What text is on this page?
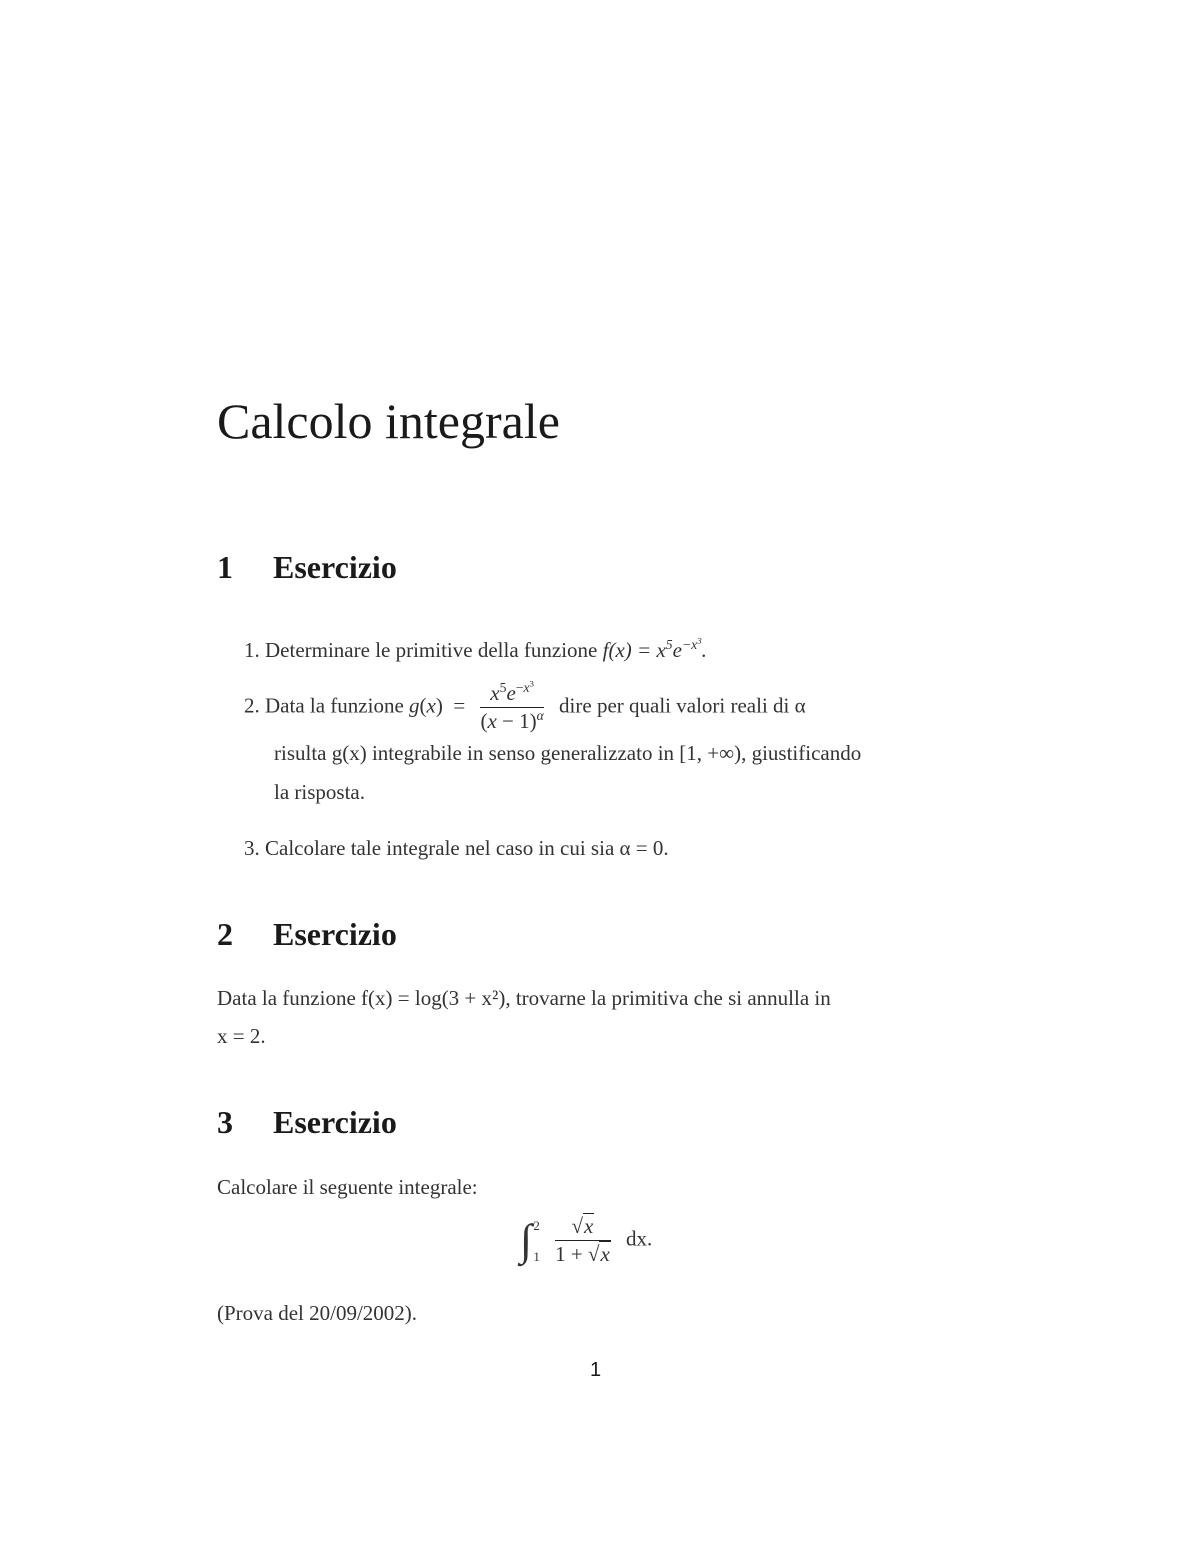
Calcolo integrale
1 Esercizio
1. Determinare le primitive della funzione $f(x) = x^5e^{-x^3}$.
2. Data la funzione $g(x) = \frac{x^5e^{-x^3}}{(x - 1)^\alpha}$ dire per quali valori reali di α
risulta g(x) integrabile in senso generalizzato in [1, +∞), giustificando
la risposta.
3. Calcolare tale integrale nel caso in cui sia α = 0.
2 Esercizio
Data la funzione f(x) = log(3 + x²), trovarne la primitiva che si annulla in
x = 2.
3 Esercizio
Calcolare il seguente integrale:
∫ 2
1
$\frac{√x}{1 + √x}$ dx.
(Prova del 20/09/2002).
1
